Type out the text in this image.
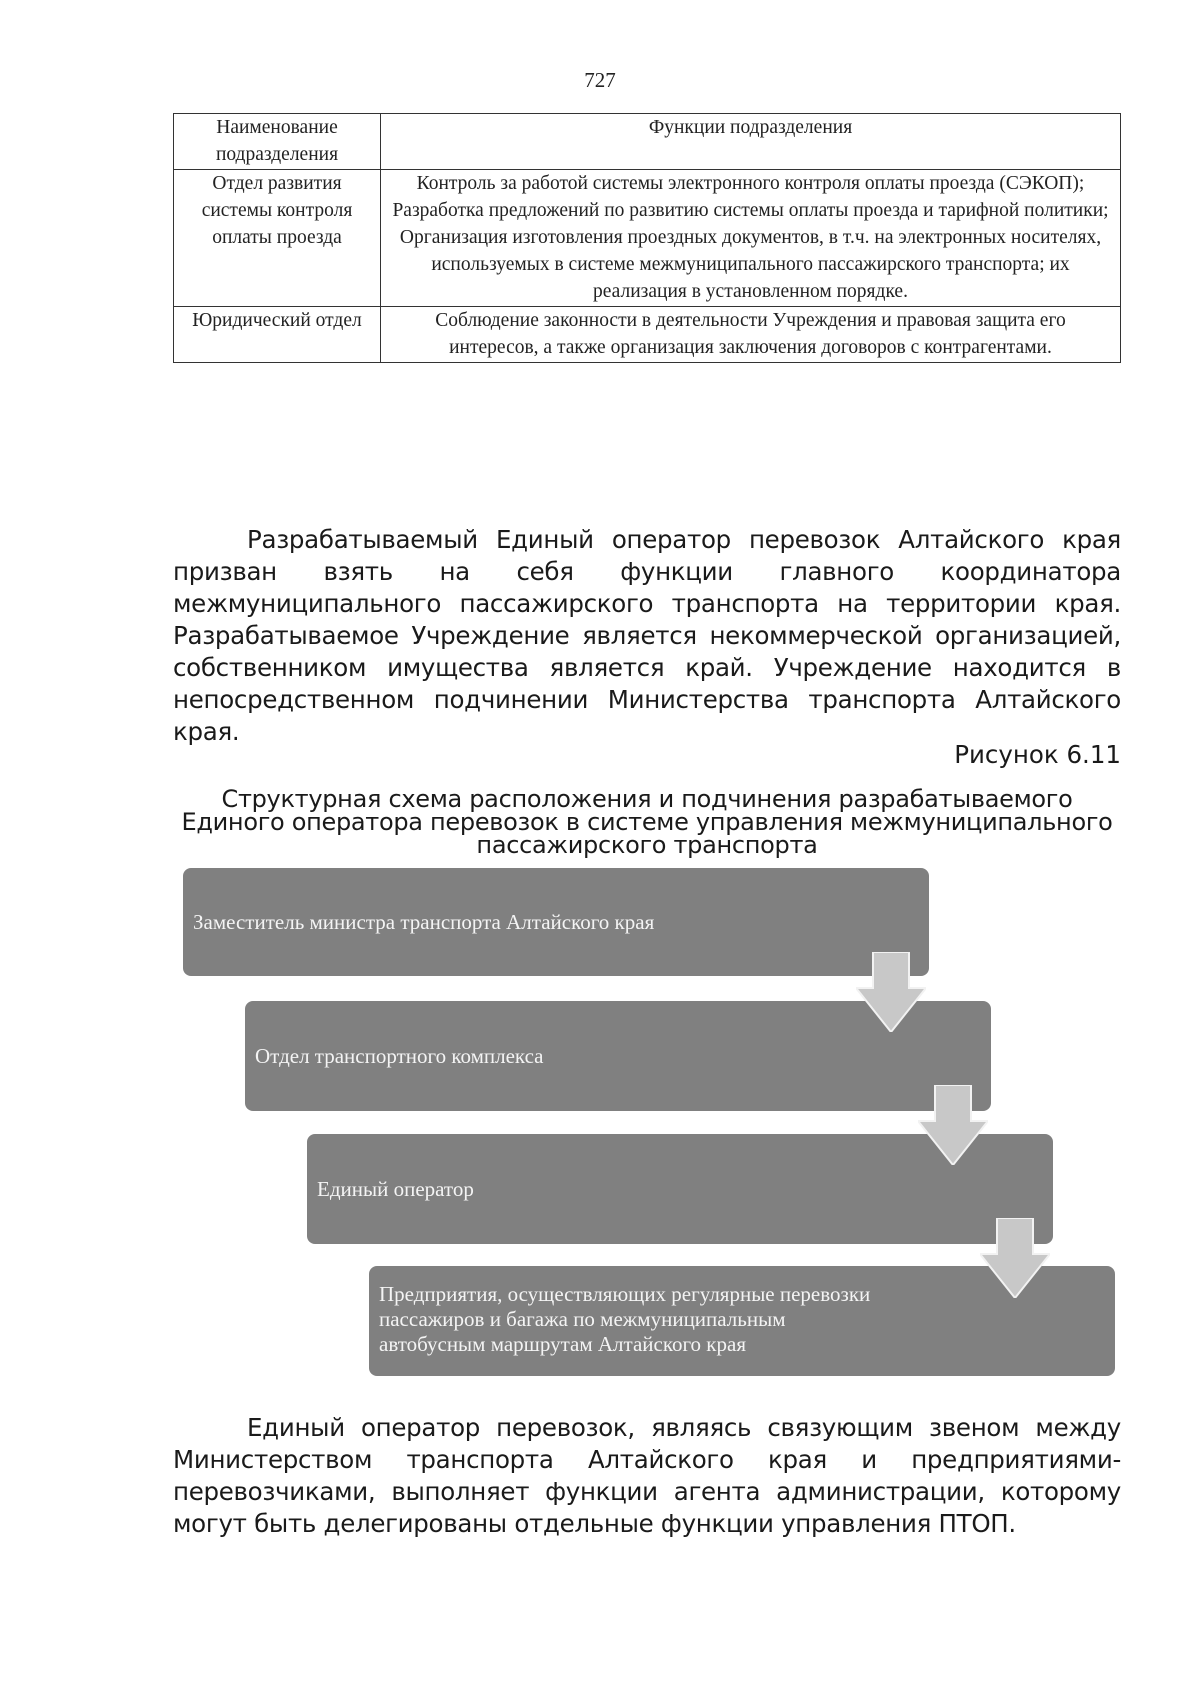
727
Наименование подразделения	Функции подразделения
Отдел развития системы контроля оплаты проезда	Контроль за работой системы электронного контроля оплаты проезда (СЭКОП);
Разработка предложений по развитию системы оплаты проезда и тарифной политики;
Организация изготовления проездных документов, в т.ч. на электронных носителях, используемых в системе межмуниципального пассажирского транспорта; их реализация в установленном порядке.

Юридический отдел	Соблюдение законности в деятельности Учреждения и правовая защита его интересов, а также организация заключения договоров с контрагентами.

Разрабатываемый Единый оператор перевозок Алтайского края призван взять на себя функции главного координатора межмуниципального пассажирского транспорта на территории края. Разрабатываемое Учреждение является некоммерческой организацией, собственником имущества является край. Учреждение находится в непосредственном подчинении Министерства транспорта Алтайского края.

Рисунок 6.11
Структурная схема расположения и подчинения разрабатываемого Единого оператора перевозок в системе управления межмуниципального пассажирского транспорта
Заместитель министра транспорта Алтайского края
Отдел транспортного комплекса
Единый оператор
Предприятия, осуществляющих регулярные перевозки
пассажиров и багажа по межмуниципальным
автобусным маршрутам Алтайского края

Единый оператор перевозок, являясь связующим звеном между Министерством транспорта Алтайского края и предприятиями-перевозчиками, выполняет функции агента администрации, которому могут быть делегированы отдельные функции управления ПТОП.
